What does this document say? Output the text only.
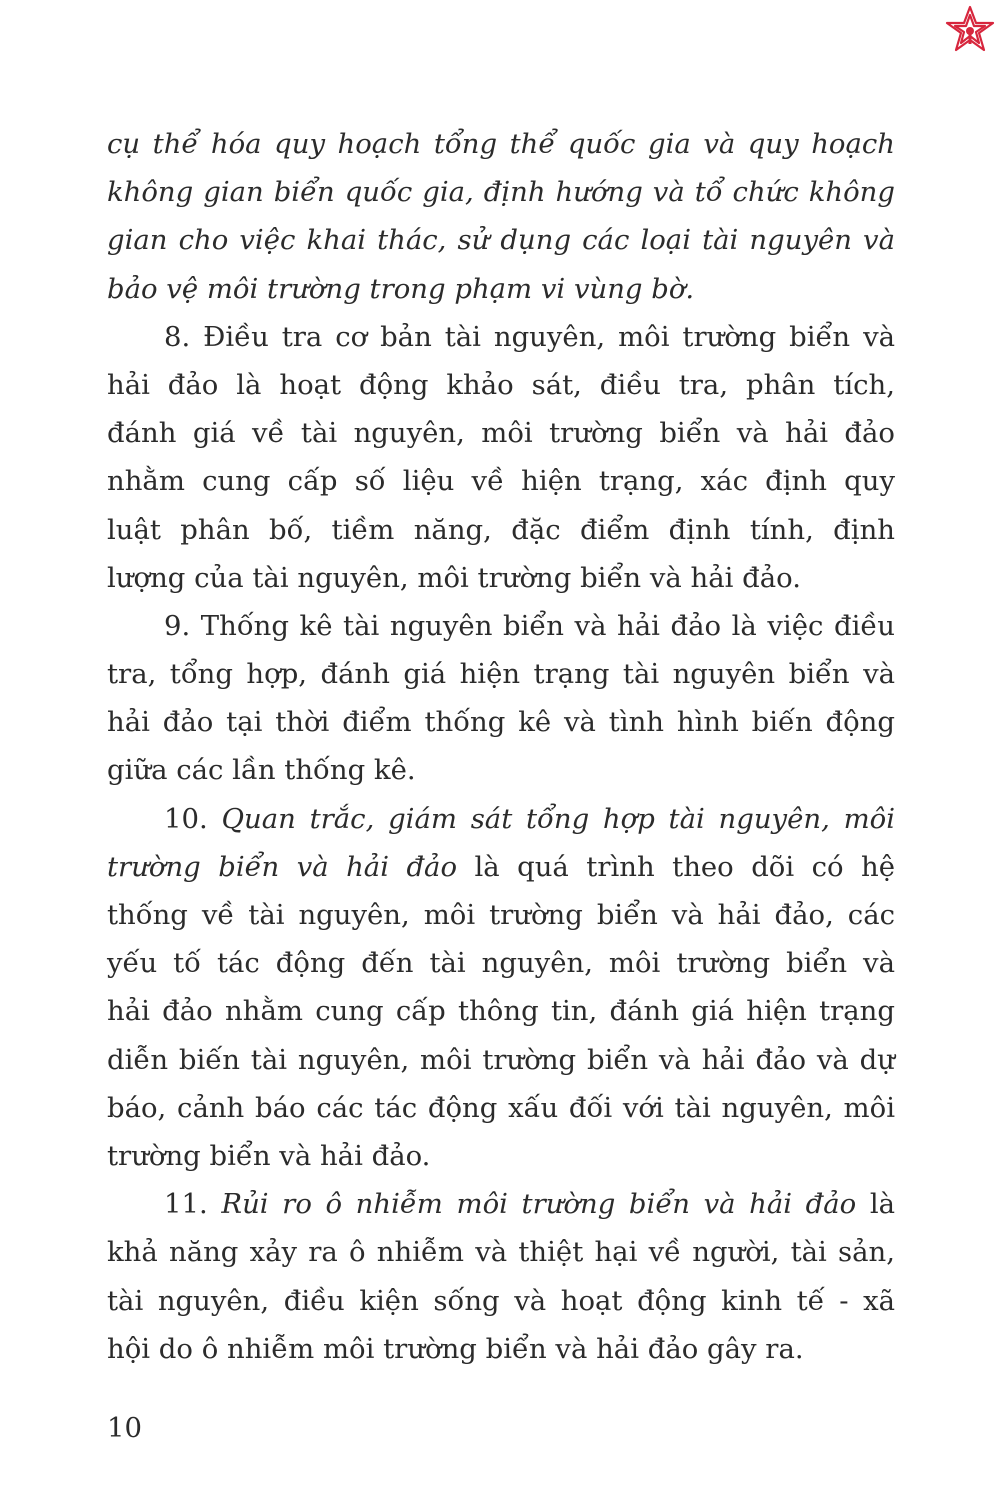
cụ thể hóa quy hoạch tổng thể quốc gia và quy hoạch
không gian biển quốc gia, định hướng và tổ chức không
gian cho việc khai thác, sử dụng các loại tài nguyên và
bảo vệ môi trường trong phạm vi vùng bờ.
8. Điều tra cơ bản tài nguyên, môi trường biển và
hải đảo là hoạt động khảo sát, điều tra, phân tích,
đánh giá về tài nguyên, môi trường biển và hải đảo
nhằm cung cấp số liệu về hiện trạng, xác định quy
luật phân bố, tiềm năng, đặc điểm định tính, định
lượng của tài nguyên, môi trường biển và hải đảo.
9. Thống kê tài nguyên biển và hải đảo là việc điều
tra, tổng hợp, đánh giá hiện trạng tài nguyên biển và
hải đảo tại thời điểm thống kê và tình hình biến động
giữa các lần thống kê.
10. Quan trắc, giám sát tổng hợp tài nguyên, môi
trường biển và hải đảo là quá trình theo dõi có hệ
thống về tài nguyên, môi trường biển và hải đảo, các
yếu tố tác động đến tài nguyên, môi trường biển và
hải đảo nhằm cung cấp thông tin, đánh giá hiện trạng
diễn biến tài nguyên, môi trường biển và hải đảo và dự
báo, cảnh báo các tác động xấu đối với tài nguyên, môi
trường biển và hải đảo.
11. Rủi ro ô nhiễm môi trường biển và hải đảo là
khả năng xảy ra ô nhiễm và thiệt hại về người, tài sản,
tài nguyên, điều kiện sống và hoạt động kinh tế - xã
hội do ô nhiễm môi trường biển và hải đảo gây ra.
10
